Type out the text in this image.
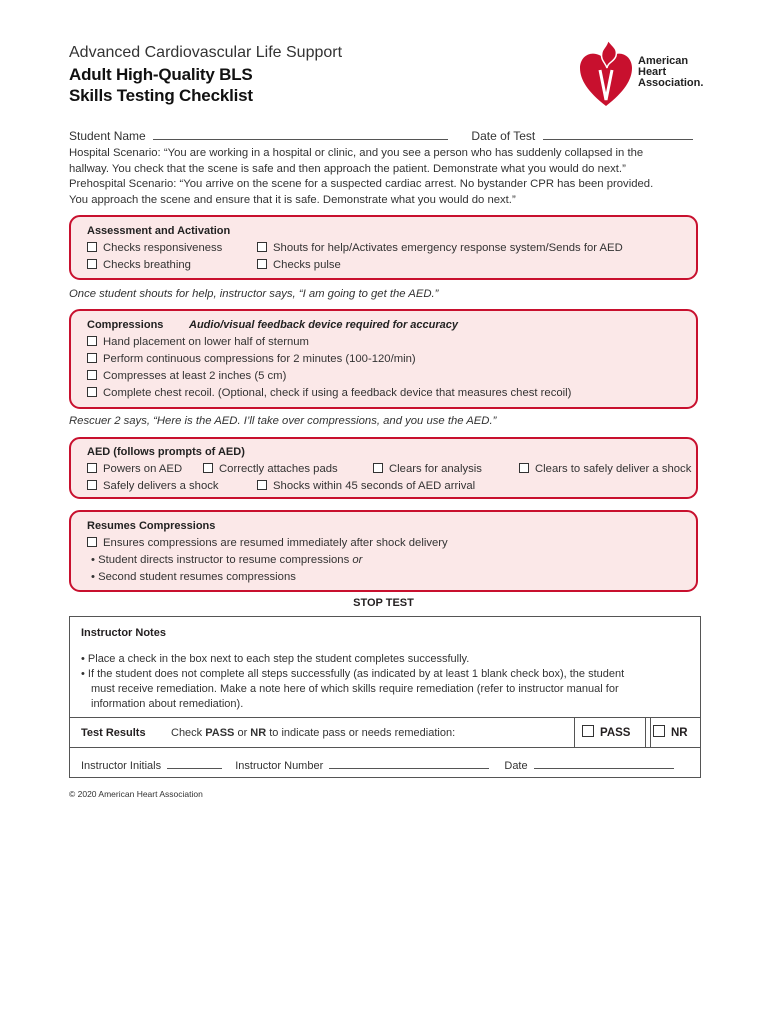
Advanced Cardiovascular Life Support
Adult High-Quality BLS
Skills Testing Checklist
American
Heart
Association.
Student Name	Date of Test
Hospital Scenario: “You are working in a hospital or clinic, and you see a person who has suddenly collapsed in the
hallway. You check that the scene is safe and then approach the patient. Demonstrate what you would do next.”
Prehospital Scenario: “You arrive on the scene for a suspected cardiac arrest. No bystander CPR has been provided.
You approach the scene and ensure that it is safe. Demonstrate what you would do next.”
Assessment and Activation
Checks responsiveness	Shouts for help/Activates emergency response system/Sends for AED
Checks breathing	Checks pulse
Once student shouts for help, instructor says, “I am going to get the AED.”
Compressions Audio/visual feedback device required for accuracy
Hand placement on lower half of sternum
Perform continuous compressions for 2 minutes (100-120/min)
Compresses at least 2 inches (5 cm)
Complete chest recoil. (Optional, check if using a feedback device that measures chest recoil)
Rescuer 2 says, “Here is the AED. I’ll take over compressions, and you use the AED.”
AED (follows prompts of AED)
Powers on AED	Correctly attaches pads	Clears for analysis	Clears to safely deliver a shock
Safely delivers a shock	Shocks within 45 seconds of AED arrival
Resumes Compressions
Ensures compressions are resumed immediately after shock delivery
• Student directs instructor to resume compressions or
• Second student resumes compressions
STOP TEST
Instructor Notes
• Place a check in the box next to each step the student completes successfully.
• If the student does not complete all steps successfully (as indicated by at least 1 blank check box), the student
must receive remediation. Make a note here of which skills require remediation (refer to instructor manual for
information about remediation).
Test Results Check PASS or NR to indicate pass or needs remediation:	PASS	NR
Instructor Initials	Instructor Number	Date
© 2020 American Heart Association
